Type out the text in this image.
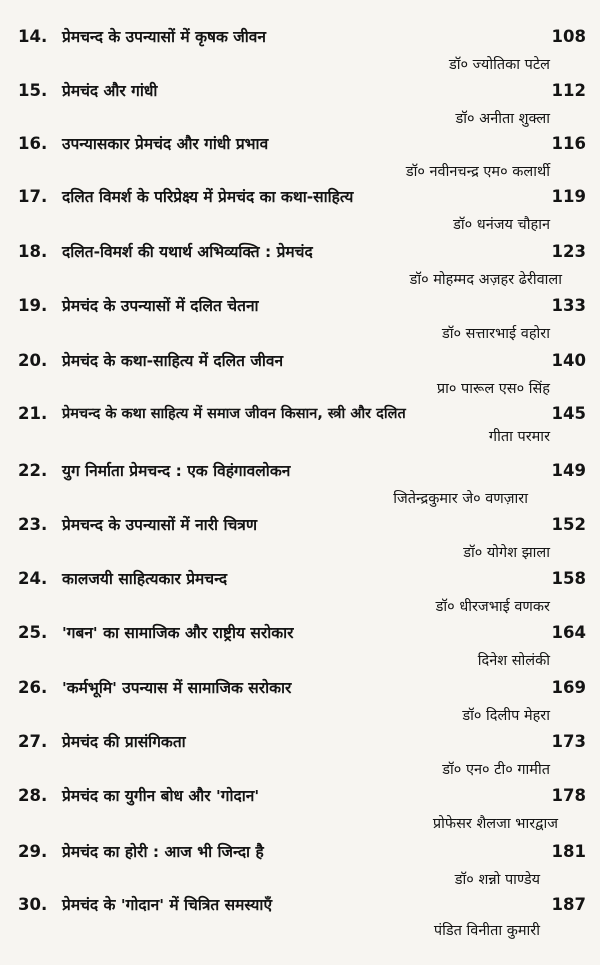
14. प्रेमचन्द के उपन्यासों में कृषक जीवन	108
डॉ० ज्योतिका पटेल
15. प्रेमचंद और गांधी	112
डॉ० अनीता शुक्ला
16. उपन्यासकार प्रेमचंद और गांधी प्रभाव	116
डॉ० नवीनचन्द्र एम० कलार्थी
17. दलित विमर्श के परिप्रेक्ष्य में प्रेमचंद का कथा-साहित्य	119
डॉ० धनंजय चौहान
18. दलित-विमर्श की यथार्थ अभिव्यक्ति : प्रेमचंद	123
डॉ० मोहम्मद अज़हर ढेरीवाला
19. प्रेमचंद के उपन्यासों में दलित चेतना	133
डॉ० सत्तारभाई वहोरा
20. प्रेमचंद के कथा-साहित्य में दलित जीवन	140
प्रा० पारूल एस० सिंह
21. प्रेमचन्द के कथा साहित्य में समाज जीवन किसान, स्त्री और दलित	145
गीता परमार
22. युग निर्माता प्रेमचन्द : एक विहंगावलोकन	149
जितेन्द्रकुमार जे० वणज़ारा
23. प्रेमचन्द के उपन्यासों में नारी चित्रण	152
डॉ० योगेश झाला
24. कालजयी साहित्यकार प्रेमचन्द	158
डॉ० धीरजभाई वणकर
25. 'गबन' का सामाजिक और राष्ट्रीय सरोकार	164
दिनेश सोलंकी
26. 'कर्मभूमि' उपन्यास में सामाजिक सरोकार	169
डॉ० दिलीप मेहरा
27. प्रेमचंद की प्रासंगिकता	173
डॉ० एन० टी० गामीत
28. प्रेमचंद का युगीन बोध और 'गोदान'	178
प्रोफेसर शैलजा भारद्वाज
29. प्रेमचंद का होरी : आज भी जिन्दा है	181
डॉ० शन्नो पाण्डेय
30. प्रेमचंद के 'गोदान' में चित्रित समस्याएँ	187
पंडित विनीता कुमारी
